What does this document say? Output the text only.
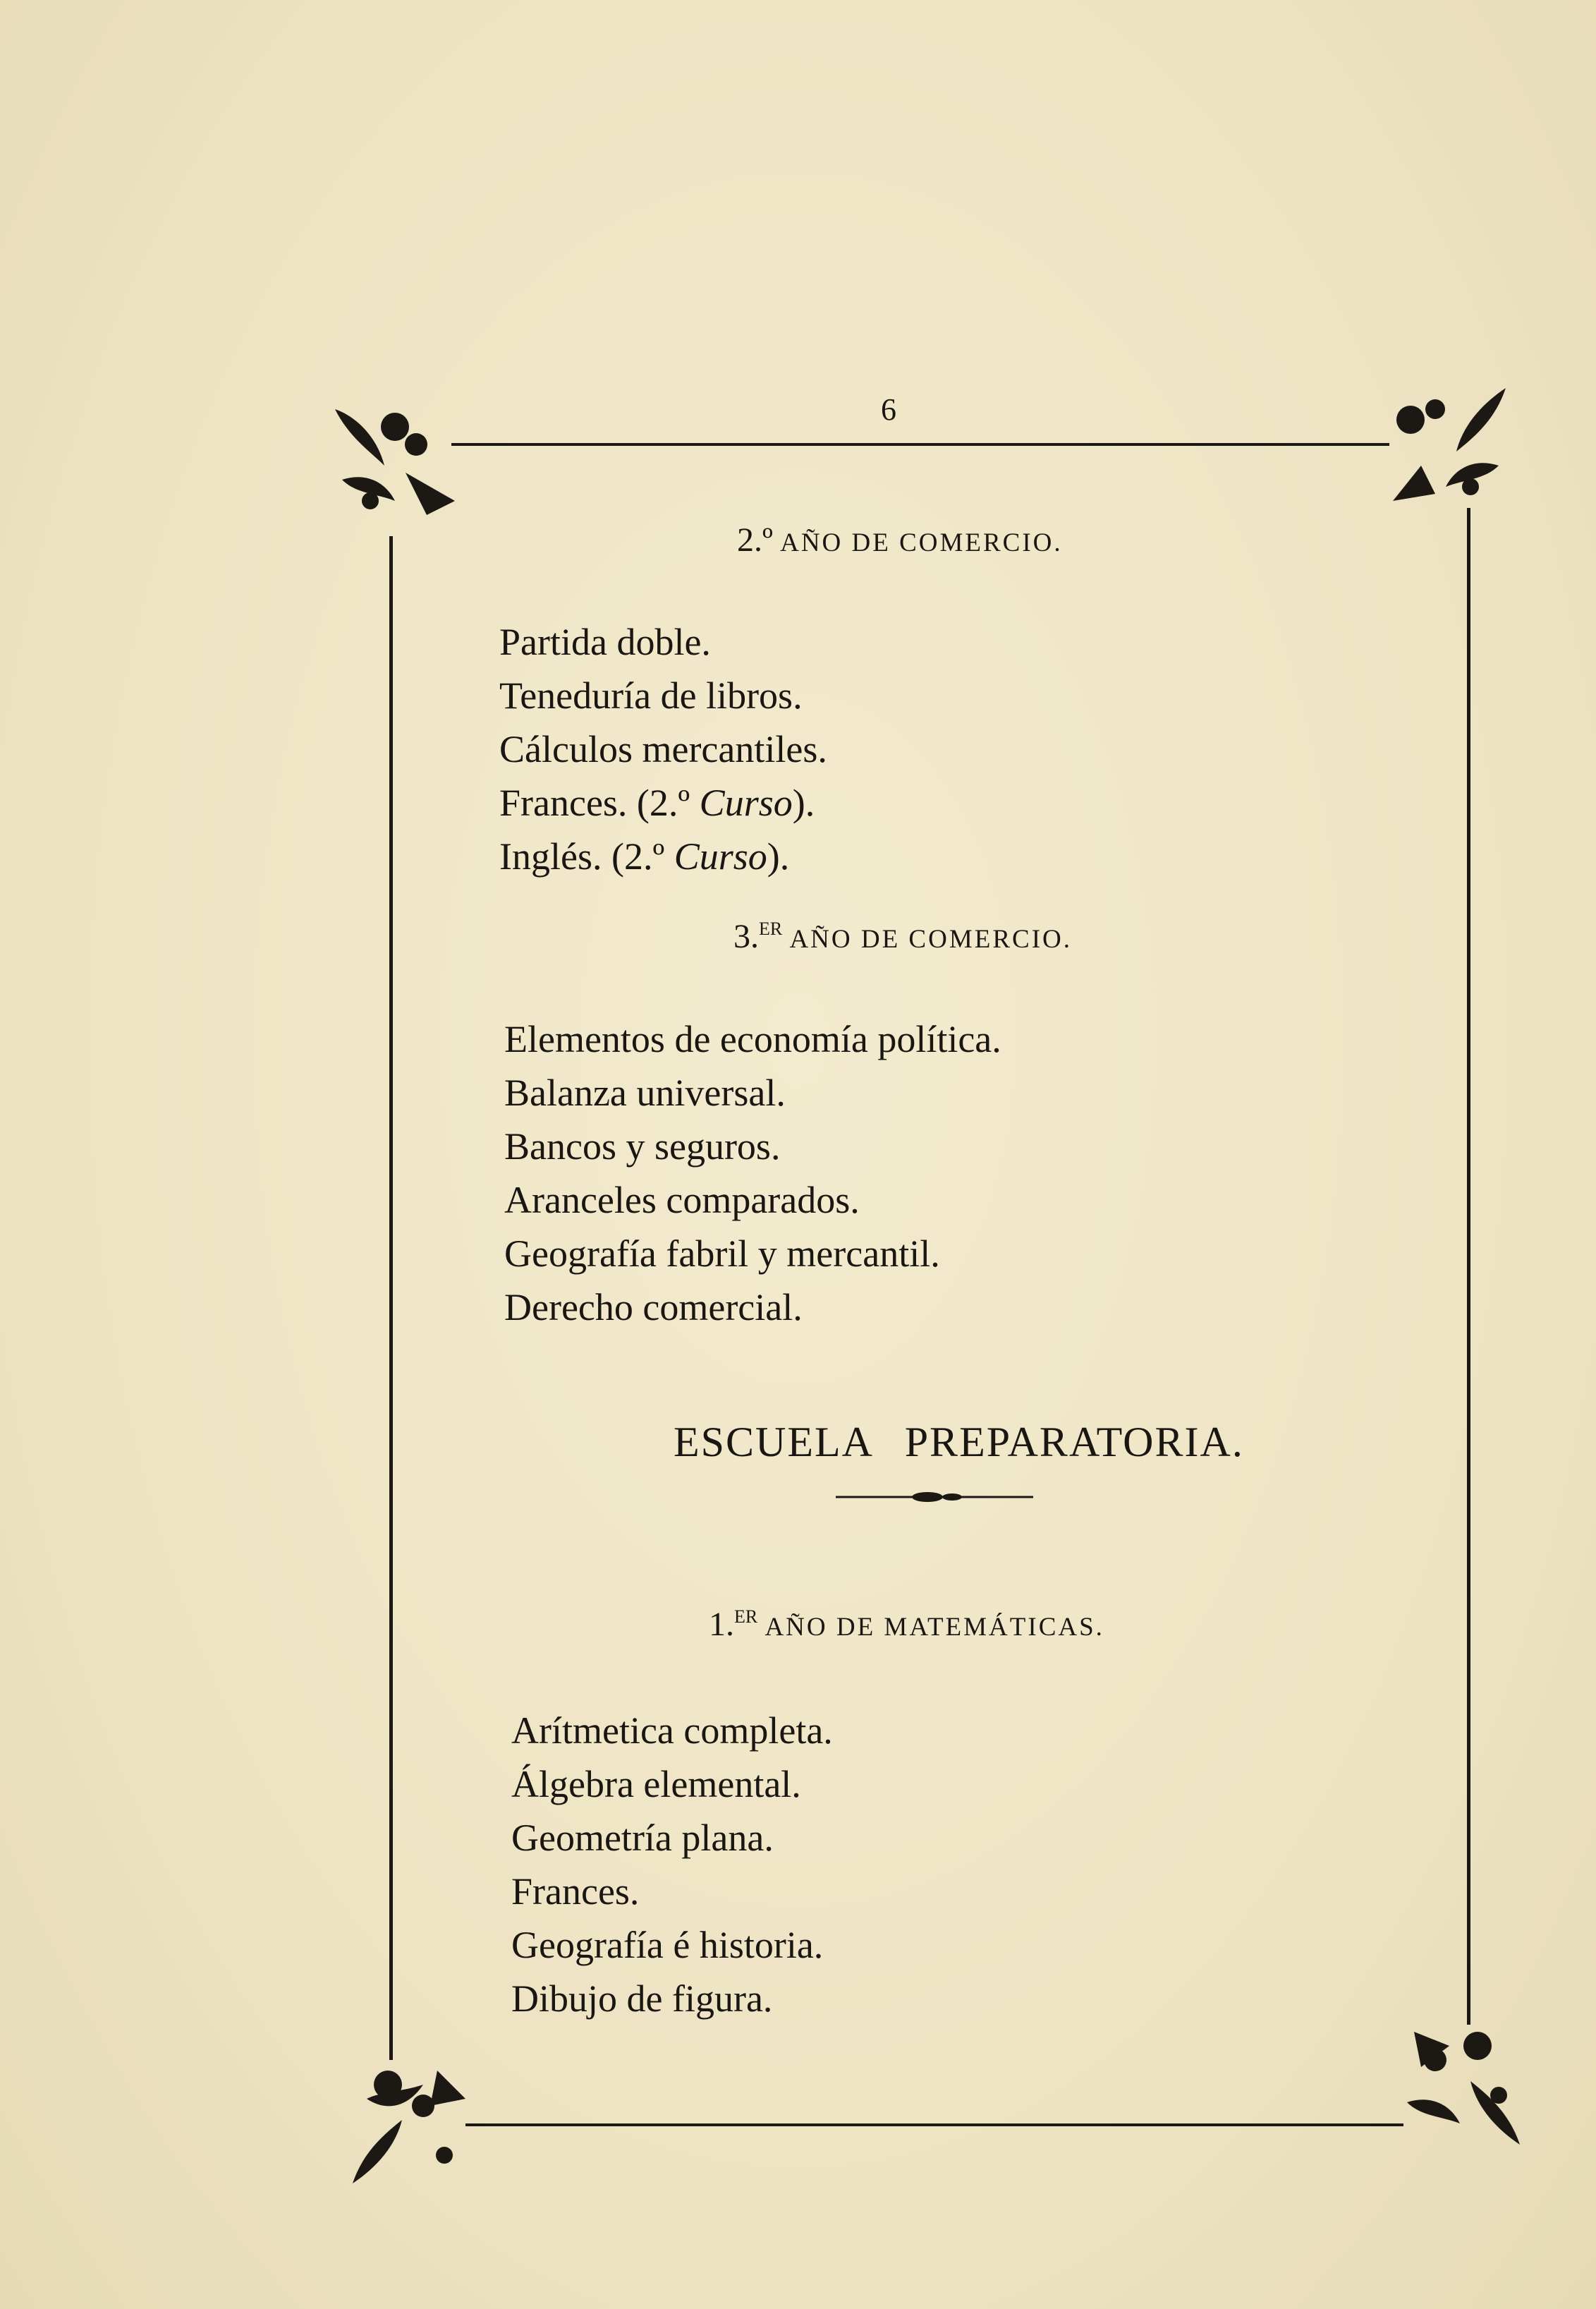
6
2.º AÑO DE COMERCIO.
Partida doble.
Teneduría de libros.
Cálculos mercantiles.
Frances. (2.º Curso).
Inglés. (2.º Curso).
3.$^{ER}$ AÑO DE COMERCIO.
Elementos de economía política.
Balanza universal.
Bancos y seguros.
Aranceles comparados.
Geografía fabril y mercantil.
Derecho comercial.
ESCUELA PREPARATORIA.
1.$^{ER}$ AÑO DE MATEMÁTICAS.
Arítmetica completa.
Álgebra elemental.
Geometría plana.
Frances.
Geografía é historia.
Dibujo de figura.
